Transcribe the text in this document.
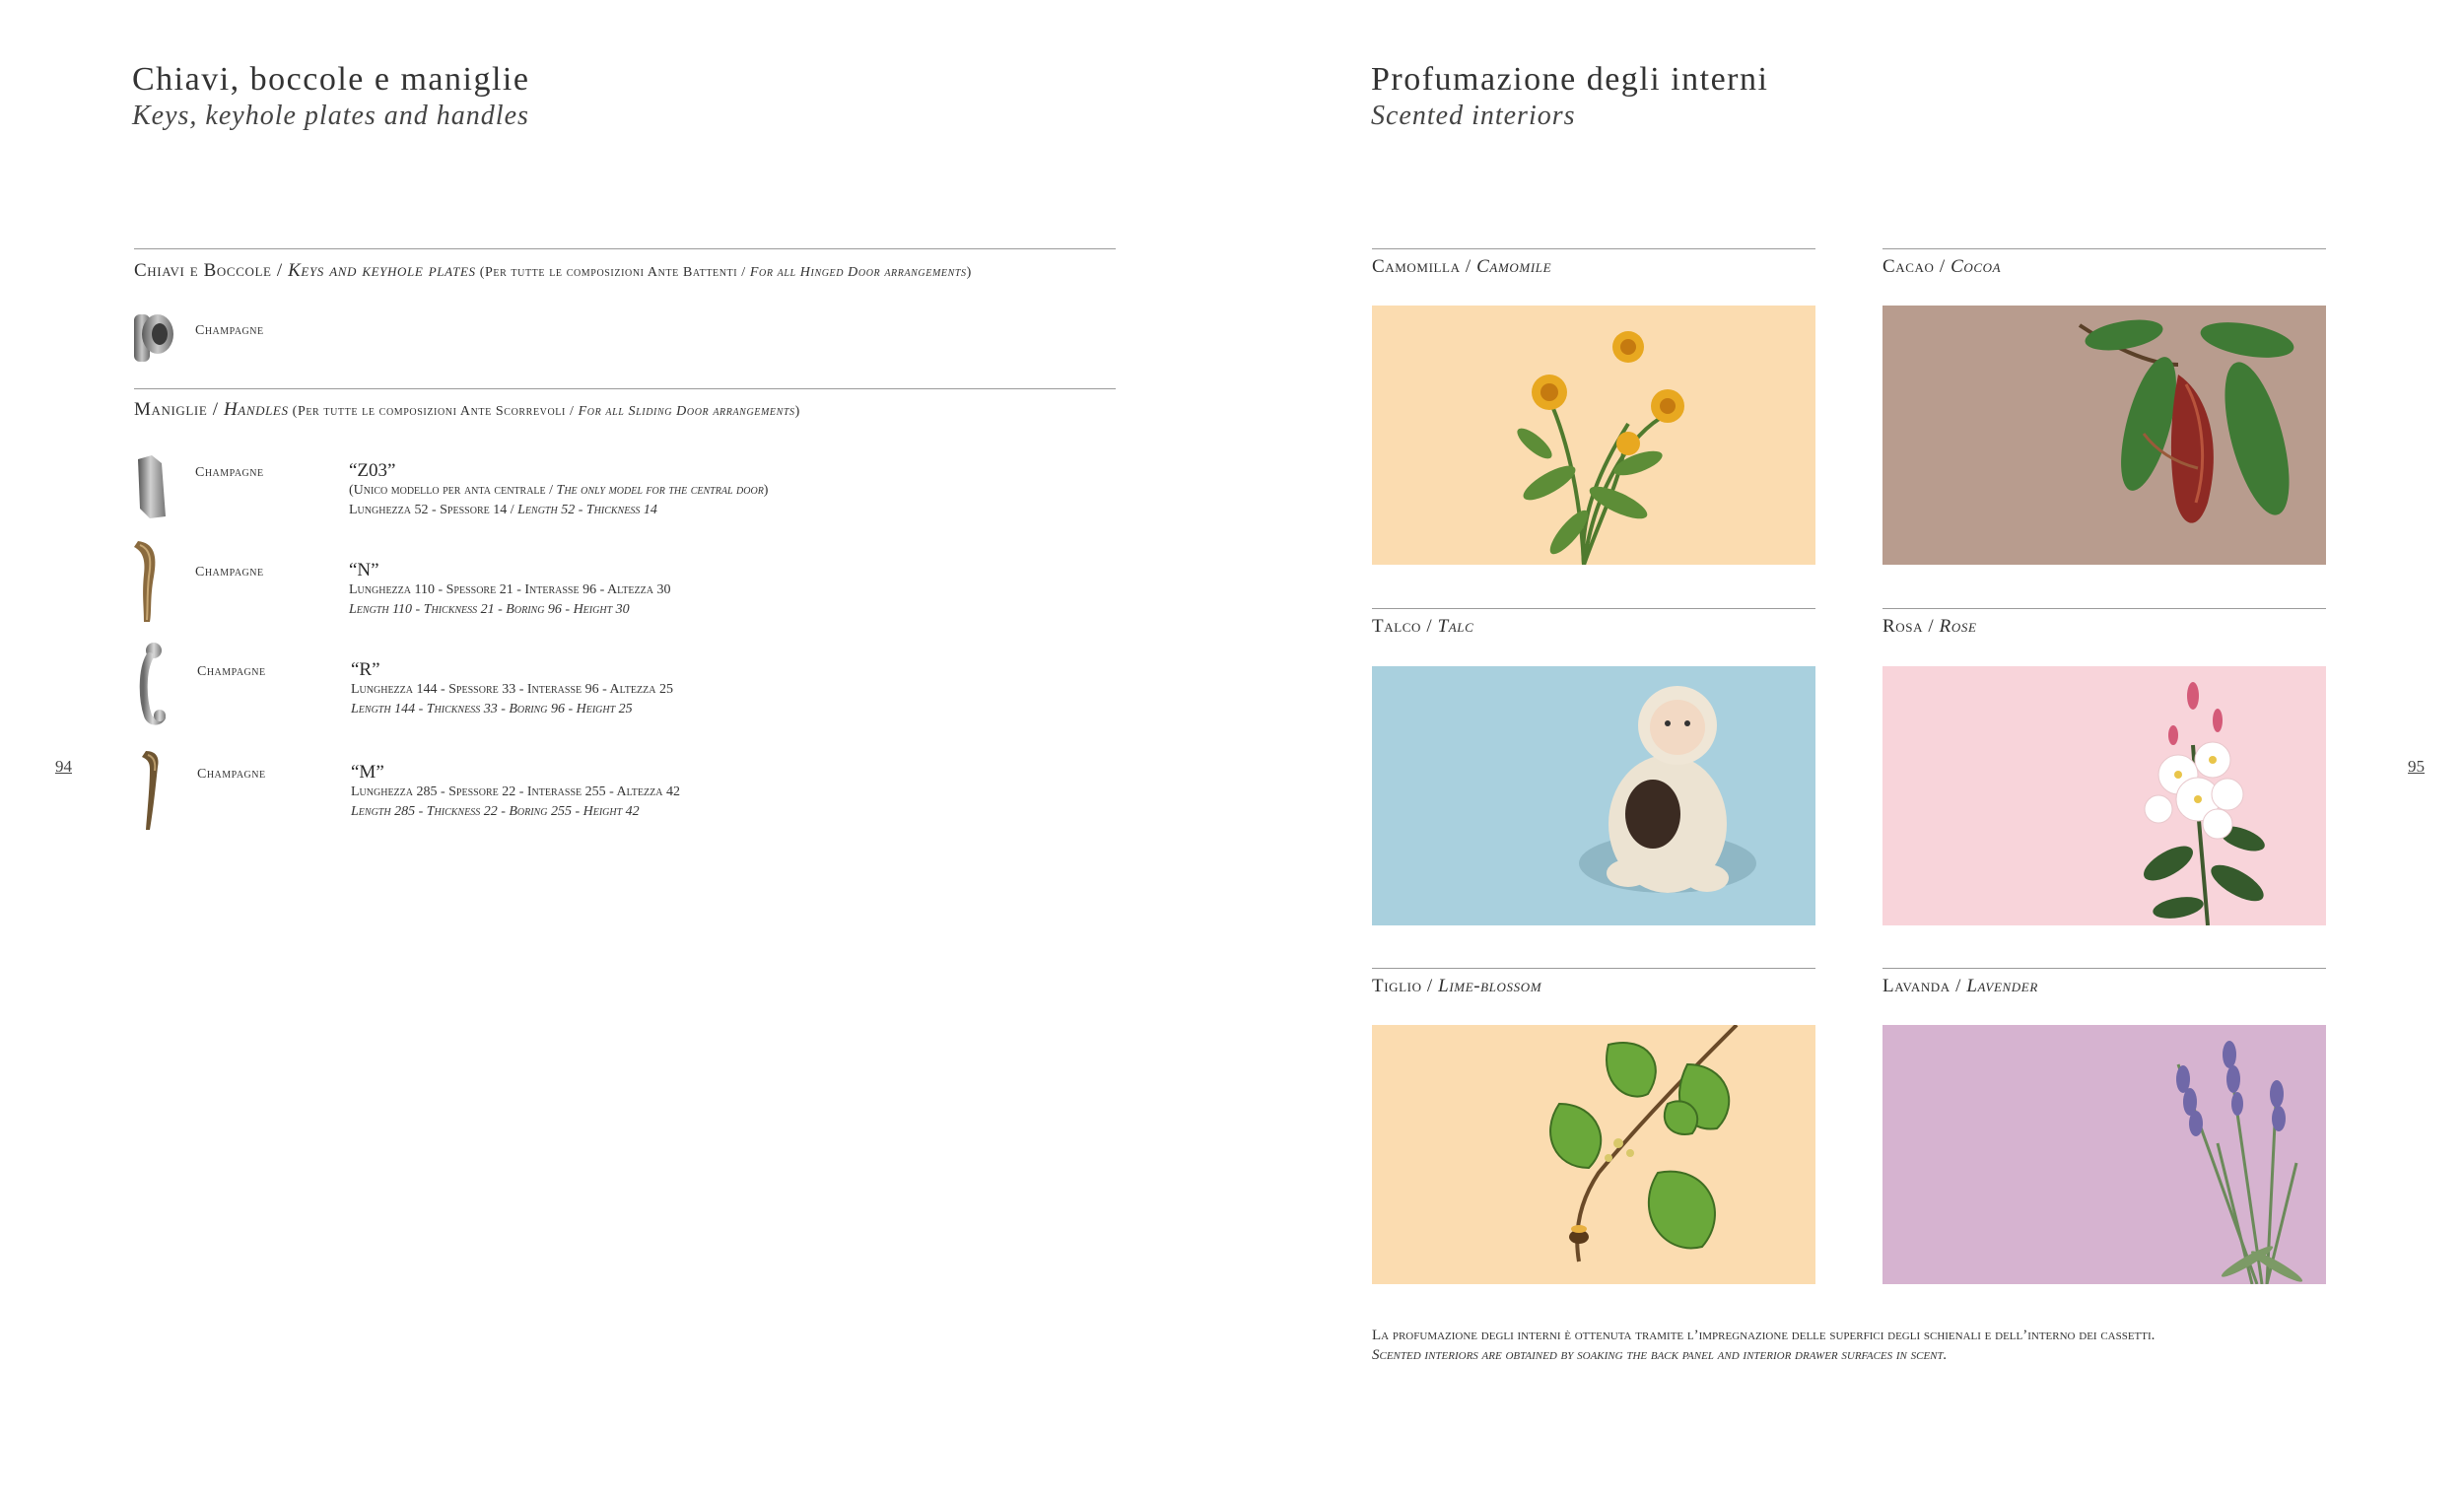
Chiavi, boccole e maniglie
Keys, keyhole plates and handles
94
Chiavi e Boccole / Keys and keyhole plates (Per tutte le composizioni Ante Battenti / For all Hinged Door arrangements)
Champagne
Maniglie / Handles (Per tutte le composizioni Ante Scorrevoli / For all Sliding Door arrangements)
Champagne	“Z03”
(Unico modello per anta centrale / The only model for the central door)
Lunghezza 52 - Spessore 14 / Length 52 - Thickness 14
Champagne	“N”
Lunghezza 110 - Spessore 21 - Interasse 96 - Altezza 30
Length 110 - Thickness 21 - Boring 96 - Height 30
Champagne	“R”
Lunghezza 144 - Spessore 33 - Interasse 96 - Altezza 25
Length 144 - Thickness 33 - Boring 96 - Height 25
Champagne	“M”
Lunghezza 285 - Spessore 22 - Interasse 255 - Altezza 42
Length 285 - Thickness 22 - Boring 255 - Height 42
Profumazione degli interni
Scented interiors
95
Camomilla / Camomile	Cacao / Cocoa
Talco / Talc	Rosa / Rose
Tiglio / Lime-blossom	Lavanda / Lavender
La profumazione degli interni è ottenuta tramite l’impregnazione delle superfici degli schienali e dell’interno dei cassetti.
Scented interiors are obtained by soaking the back panel and interior drawer surfaces in scent.
